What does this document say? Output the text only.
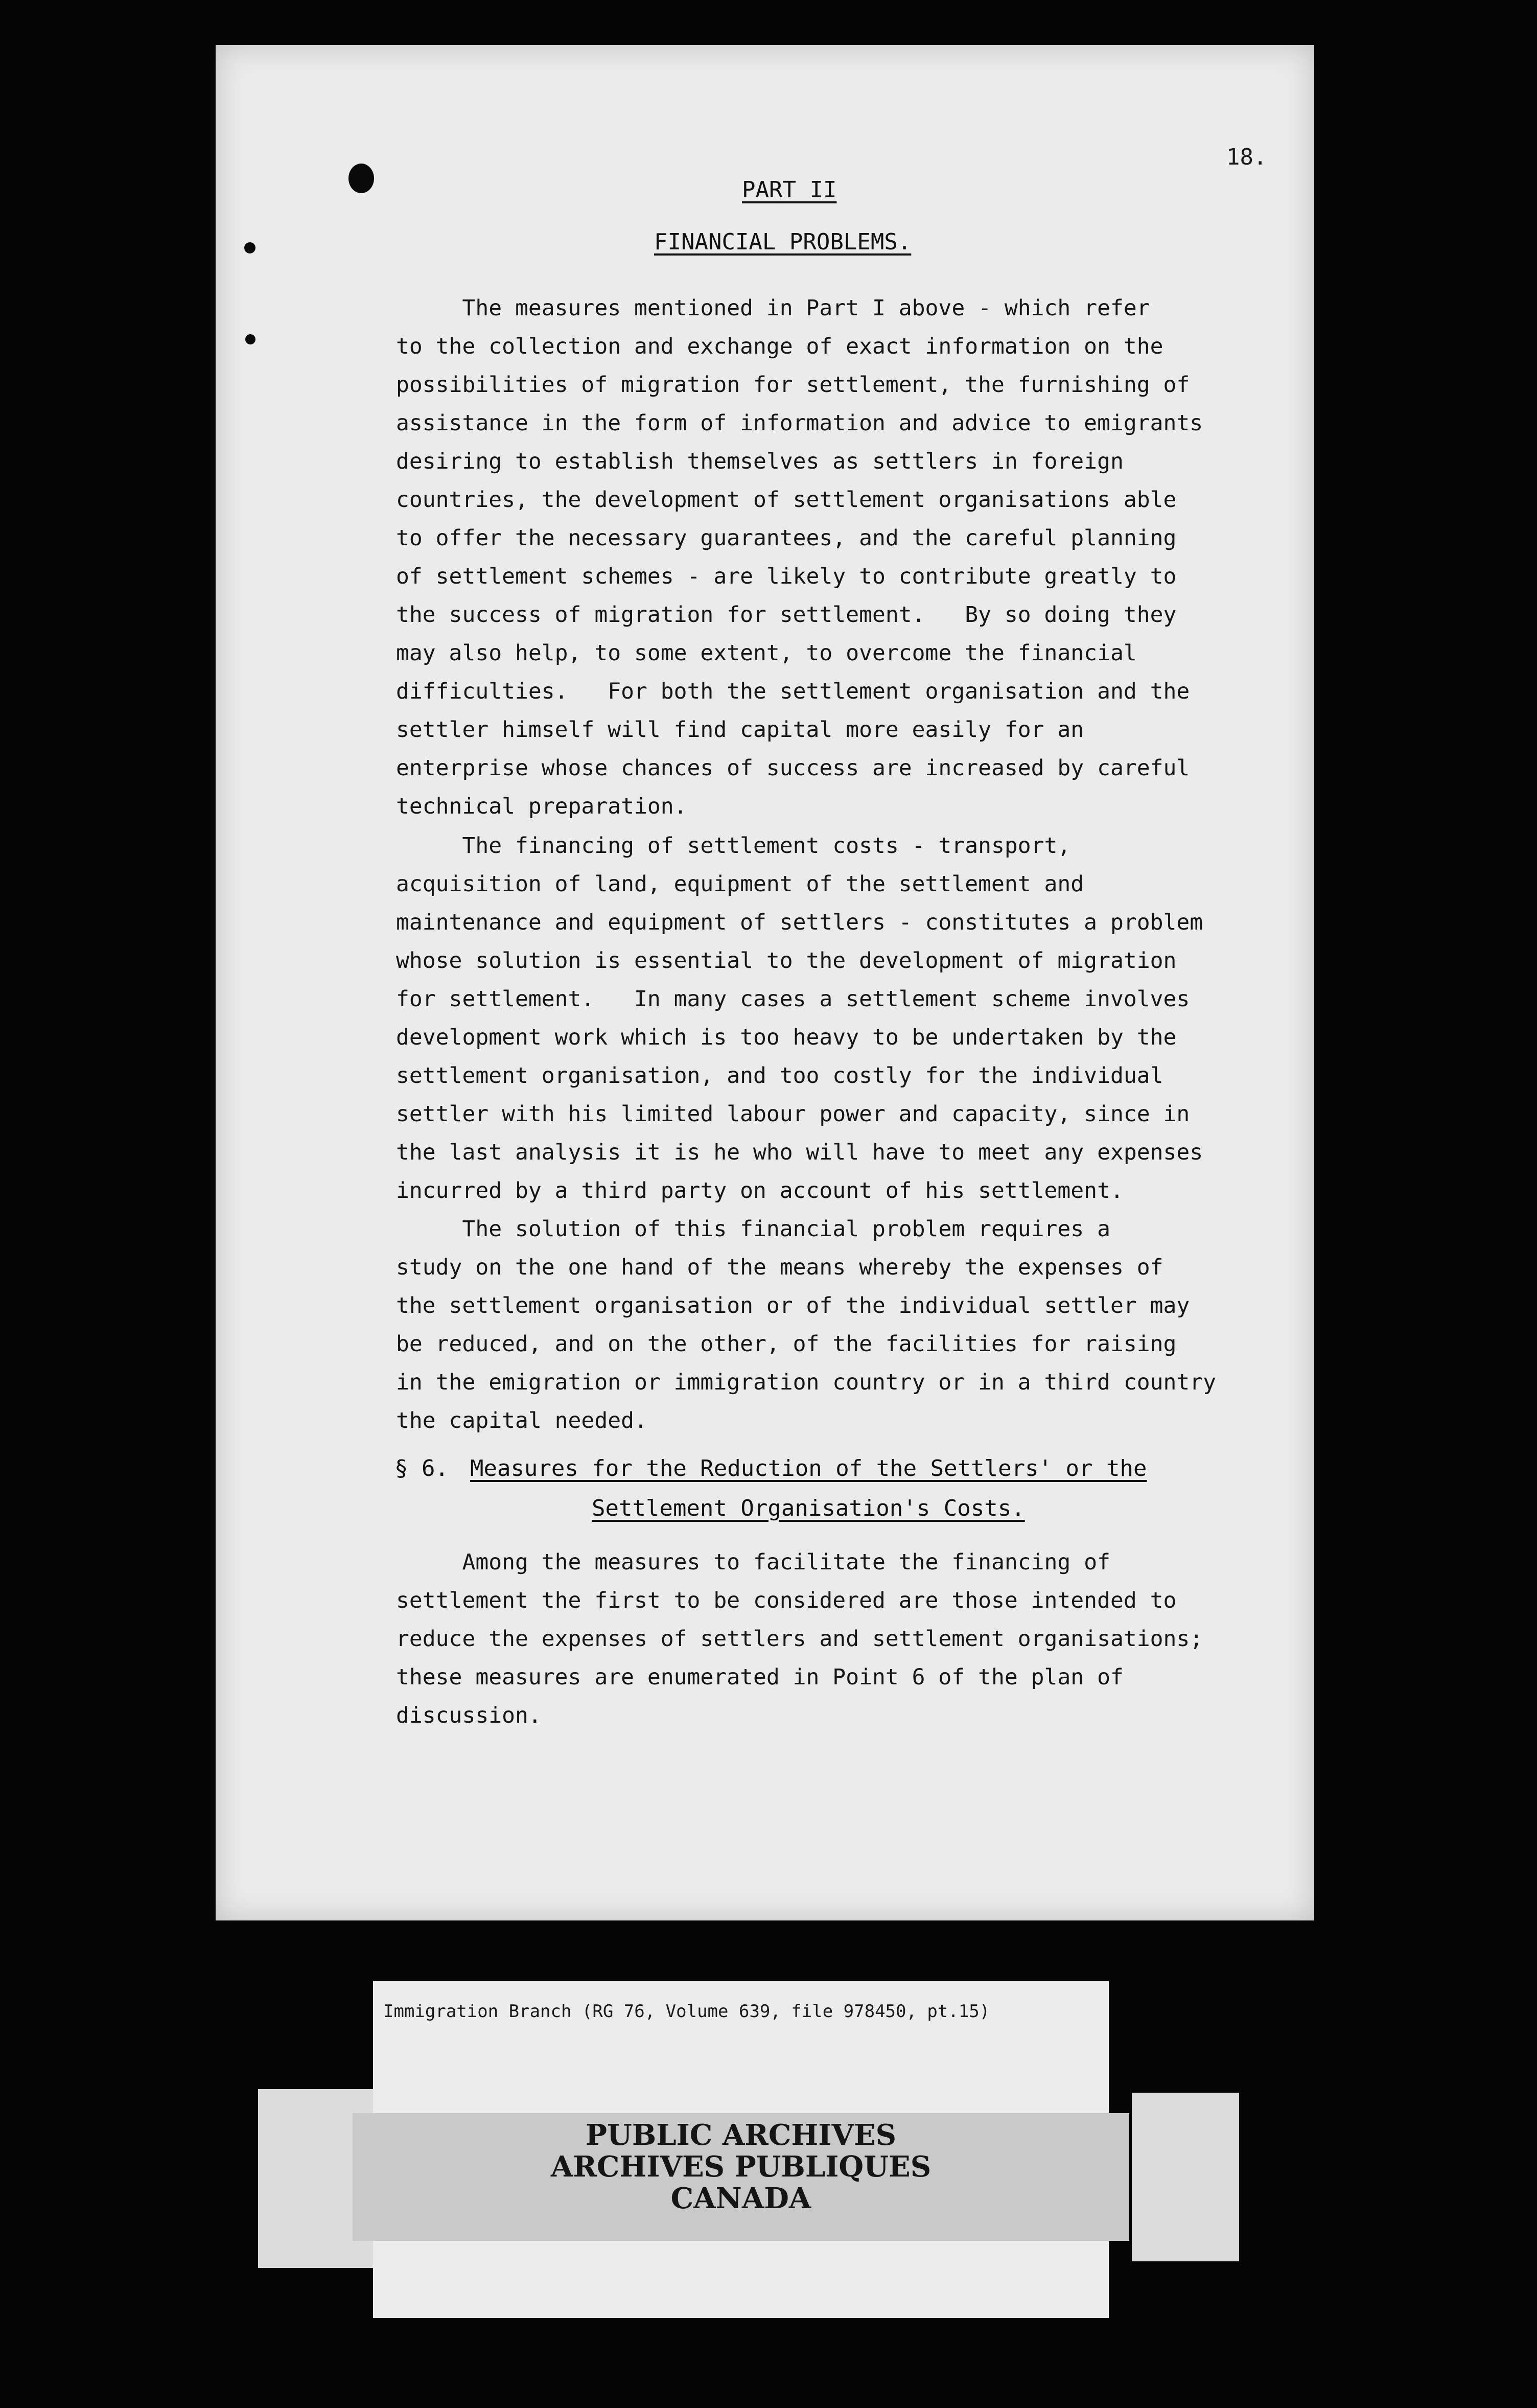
18.
PART II
FINANCIAL PROBLEMS.
The measures mentioned in Part I above - which refer
to the collection and exchange of exact information on the
possibilities of migration for settlement, the furnishing of
assistance in the form of information and advice to emigrants
desiring to establish themselves as settlers in foreign
countries, the development of settlement organisations able
to offer the necessary guarantees, and the careful planning
of settlement schemes - are likely to contribute greatly to
the success of migration for settlement.   By so doing they
may also help, to some extent, to overcome the financial
difficulties.   For both the settlement organisation and the
settler himself will find capital more easily for an
enterprise whose chances of success are increased by careful
technical preparation.
The financing of settlement costs - transport,
acquisition of land, equipment of the settlement and
maintenance and equipment of settlers - constitutes a problem
whose solution is essential to the development of migration
for settlement.   In many cases a settlement scheme involves
development work which is too heavy to be undertaken by the
settlement organisation, and too costly for the individual
settler with his limited labour power and capacity, since in
the last analysis it is he who will have to meet any expenses
incurred by a third party on account of his settlement.
The solution of this financial problem requires a
study on the one hand of the means whereby the expenses of
the settlement organisation or of the individual settler may
be reduced, and on the other, of the facilities for raising
in the emigration or immigration country or in a third country
the capital needed.
§ 6. Measures for the Reduction of the Settlers' or the
Settlement Organisation's Costs.
Among the measures to facilitate the financing of
settlement the first to be considered are those intended to
reduce the expenses of settlers and settlement organisations;
these measures are enumerated in Point 6 of the plan of
discussion.
Immigration Branch (RG 76, Volume 639, file 978450, pt.15)
PUBLIC ARCHIVES
ARCHIVES PUBLIQUES
CANADA
